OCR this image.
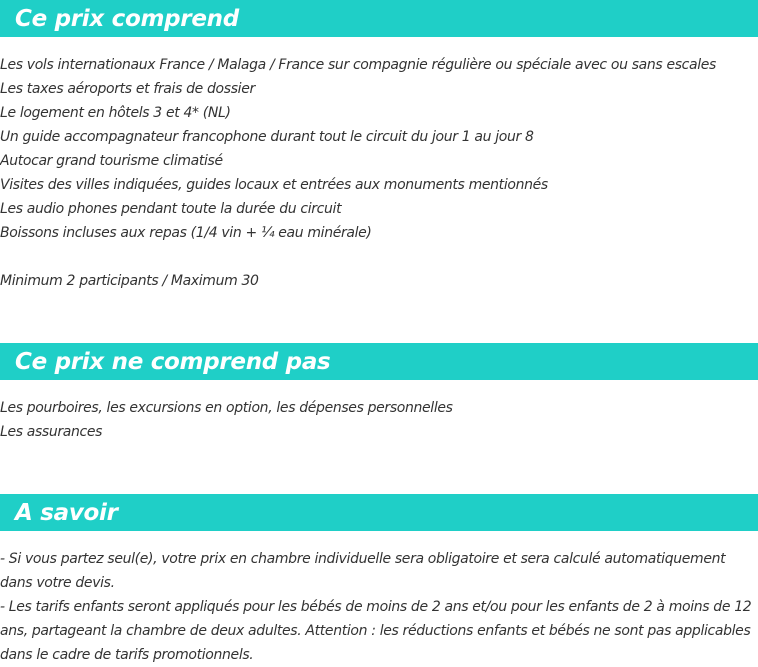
Ce prix comprend
Les vols internationaux France / Malaga / France sur compagnie régulière ou spéciale avec ou sans escales
Les taxes aéroports et frais de dossier
Le logement en hôtels 3 et 4* (NL)
Un guide accompagnateur francophone durant tout le circuit du jour 1 au jour 8
Autocar grand tourisme climatisé
Visites des villes indiquées, guides locaux et entrées aux monuments mentionnés
Les audio phones pendant toute la durée du circuit
Boissons incluses aux repas (1/4 vin + ¼ eau minérale)
Minimum 2 participants / Maximum 30
Ce prix ne comprend pas
Les pourboires, les excursions en option, les dépenses personnelles
Les assurances
A savoir
- Si vous partez seul(e), votre prix en chambre individuelle sera obligatoire et sera calculé automatiquement dans votre devis.
- Les tarifs enfants seront appliqués pour les bébés de moins de 2 ans et/ou pour les enfants de 2 à moins de 12 ans, partageant la chambre de deux adultes. Attention : les réductions enfants et bébés ne sont pas applicables dans le cadre de tarifs promotionnels.
